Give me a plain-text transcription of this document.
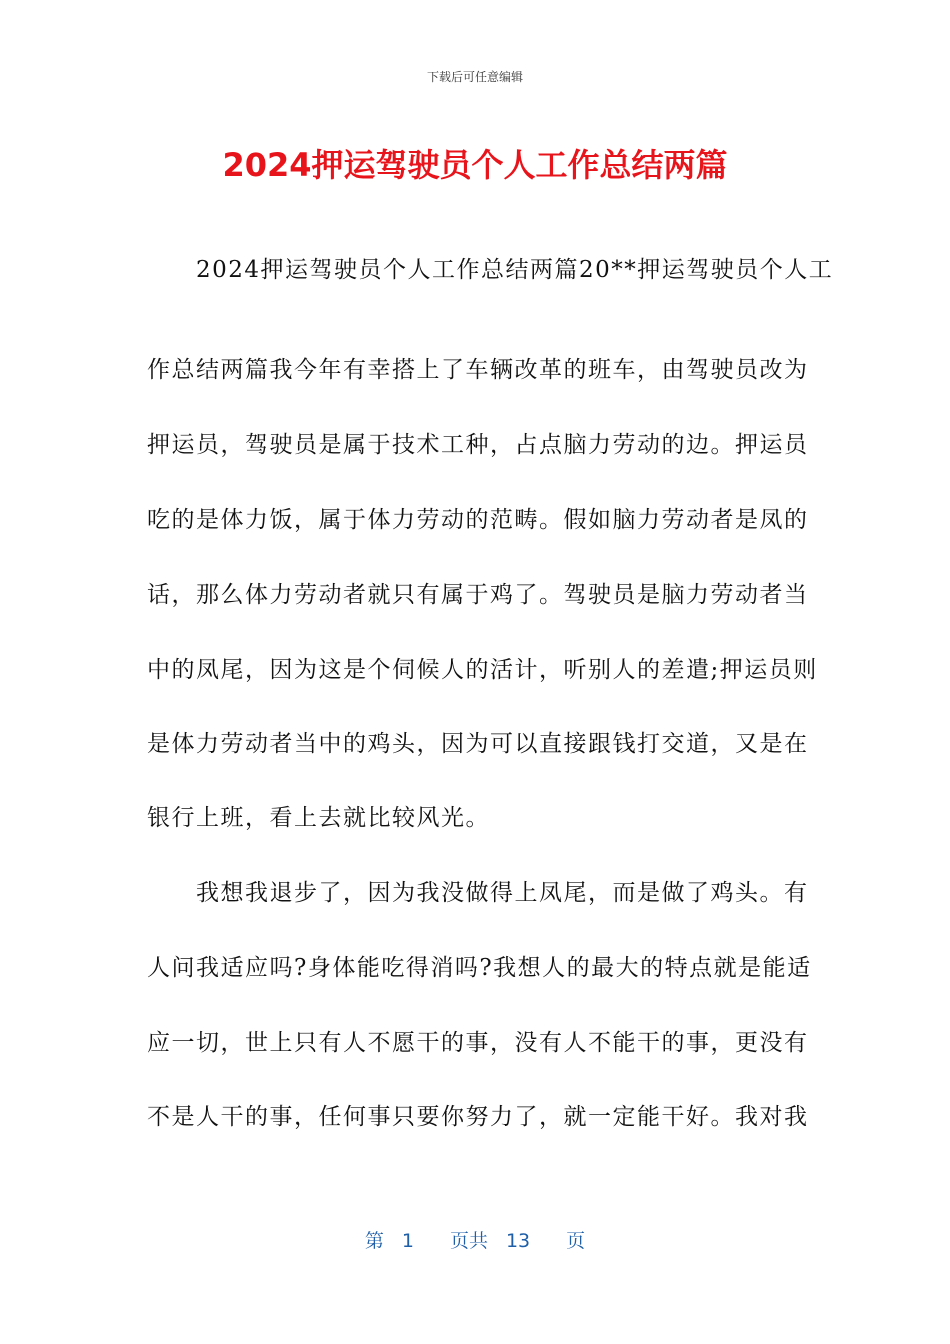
下载后可任意编辑
2024押运驾驶员个人工作总结两篇
　　2024押运驾驶员个人工作总结两篇20**押运驾驶员个人工
作总结两篇我今年有幸搭上了车辆改革的班车，由驾驶员改为
押运员，驾驶员是属于技术工种，占点脑力劳动的边。押运员
吃的是体力饭，属于体力劳动的范畴。假如脑力劳动者是凤的
话，那么体力劳动者就只有属于鸡了。驾驶员是脑力劳动者当
中的凤尾，因为这是个伺候人的活计，听别人的差遣;押运员则
是体力劳动者当中的鸡头，因为可以直接跟钱打交道，又是在
银行上班，看上去就比较风光。
　　我想我退步了，因为我没做得上凤尾，而是做了鸡头。有
人问我适应吗?身体能吃得消吗?我想人的最大的特点就是能适
应一切，世上只有人不愿干的事，没有人不能干的事，更没有
不是人干的事，任何事只要你努力了，就一定能干好。我对我
第 1 页共 13 页
